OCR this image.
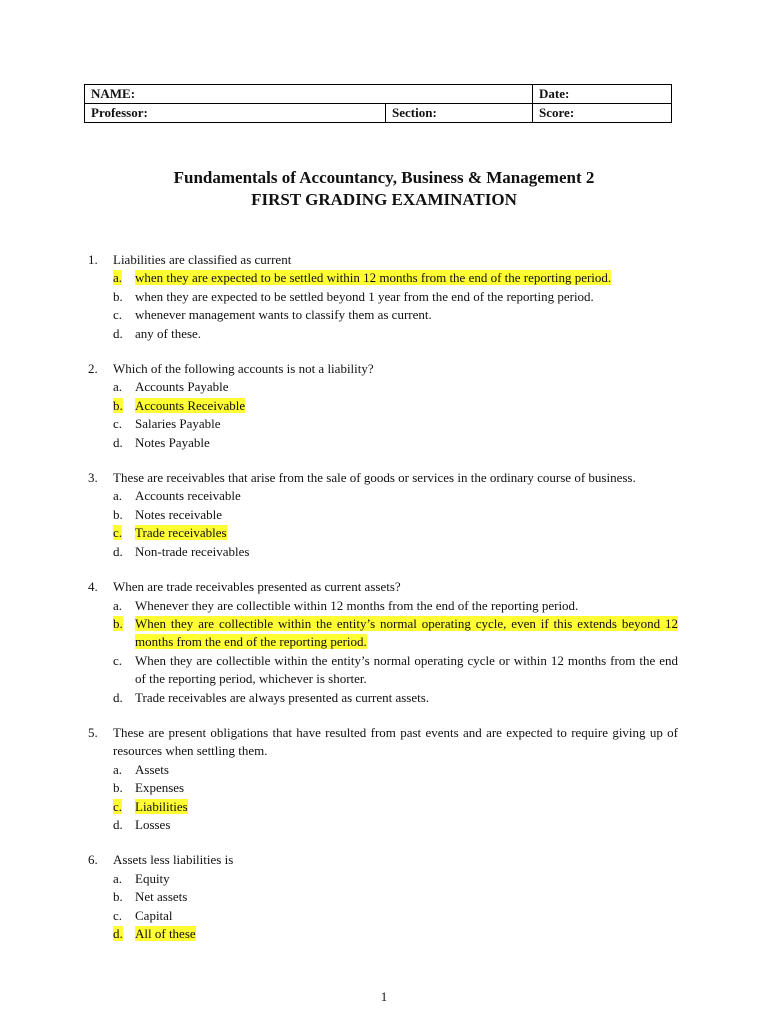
NAME:		Date:
Professor:	Section:	Score:
Fundamentals of Accountancy, Business & Management 2
FIRST GRADING EXAMINATION
1.	Liabilities are classified as current
a. when they are expected to be settled within 12 months from the end of the reporting period.
b. when they are expected to be settled beyond 1 year from the end of the reporting period.
c. whenever management wants to classify them as current.
d. any of these.
2.	Which of the following accounts is not a liability?
a. Accounts Payable
b. Accounts Receivable
c. Salaries Payable
d. Notes Payable
3.	These are receivables that arise from the sale of goods or services in the ordinary course of business.
a. Accounts receivable
b. Notes receivable
c. Trade receivables
d. Non-trade receivables
4.	When are trade receivables presented as current assets?
a. Whenever they are collectible within 12 months from the end of the reporting period.
b. When they are collectible within the entity’s normal operating cycle, even if this extends beyond 12 months from the end of the reporting period.
c. When they are collectible within the entity’s normal operating cycle or within 12 months from the end of the reporting period, whichever is shorter.
d. Trade receivables are always presented as current assets.
5.	These are present obligations that have resulted from past events and are expected to require giving up of resources when settling them.
a. Assets
b. Expenses
c. Liabilities
d. Losses
6.	Assets less liabilities is
a. Equity
b. Net assets
c. Capital
d. All of these
1
